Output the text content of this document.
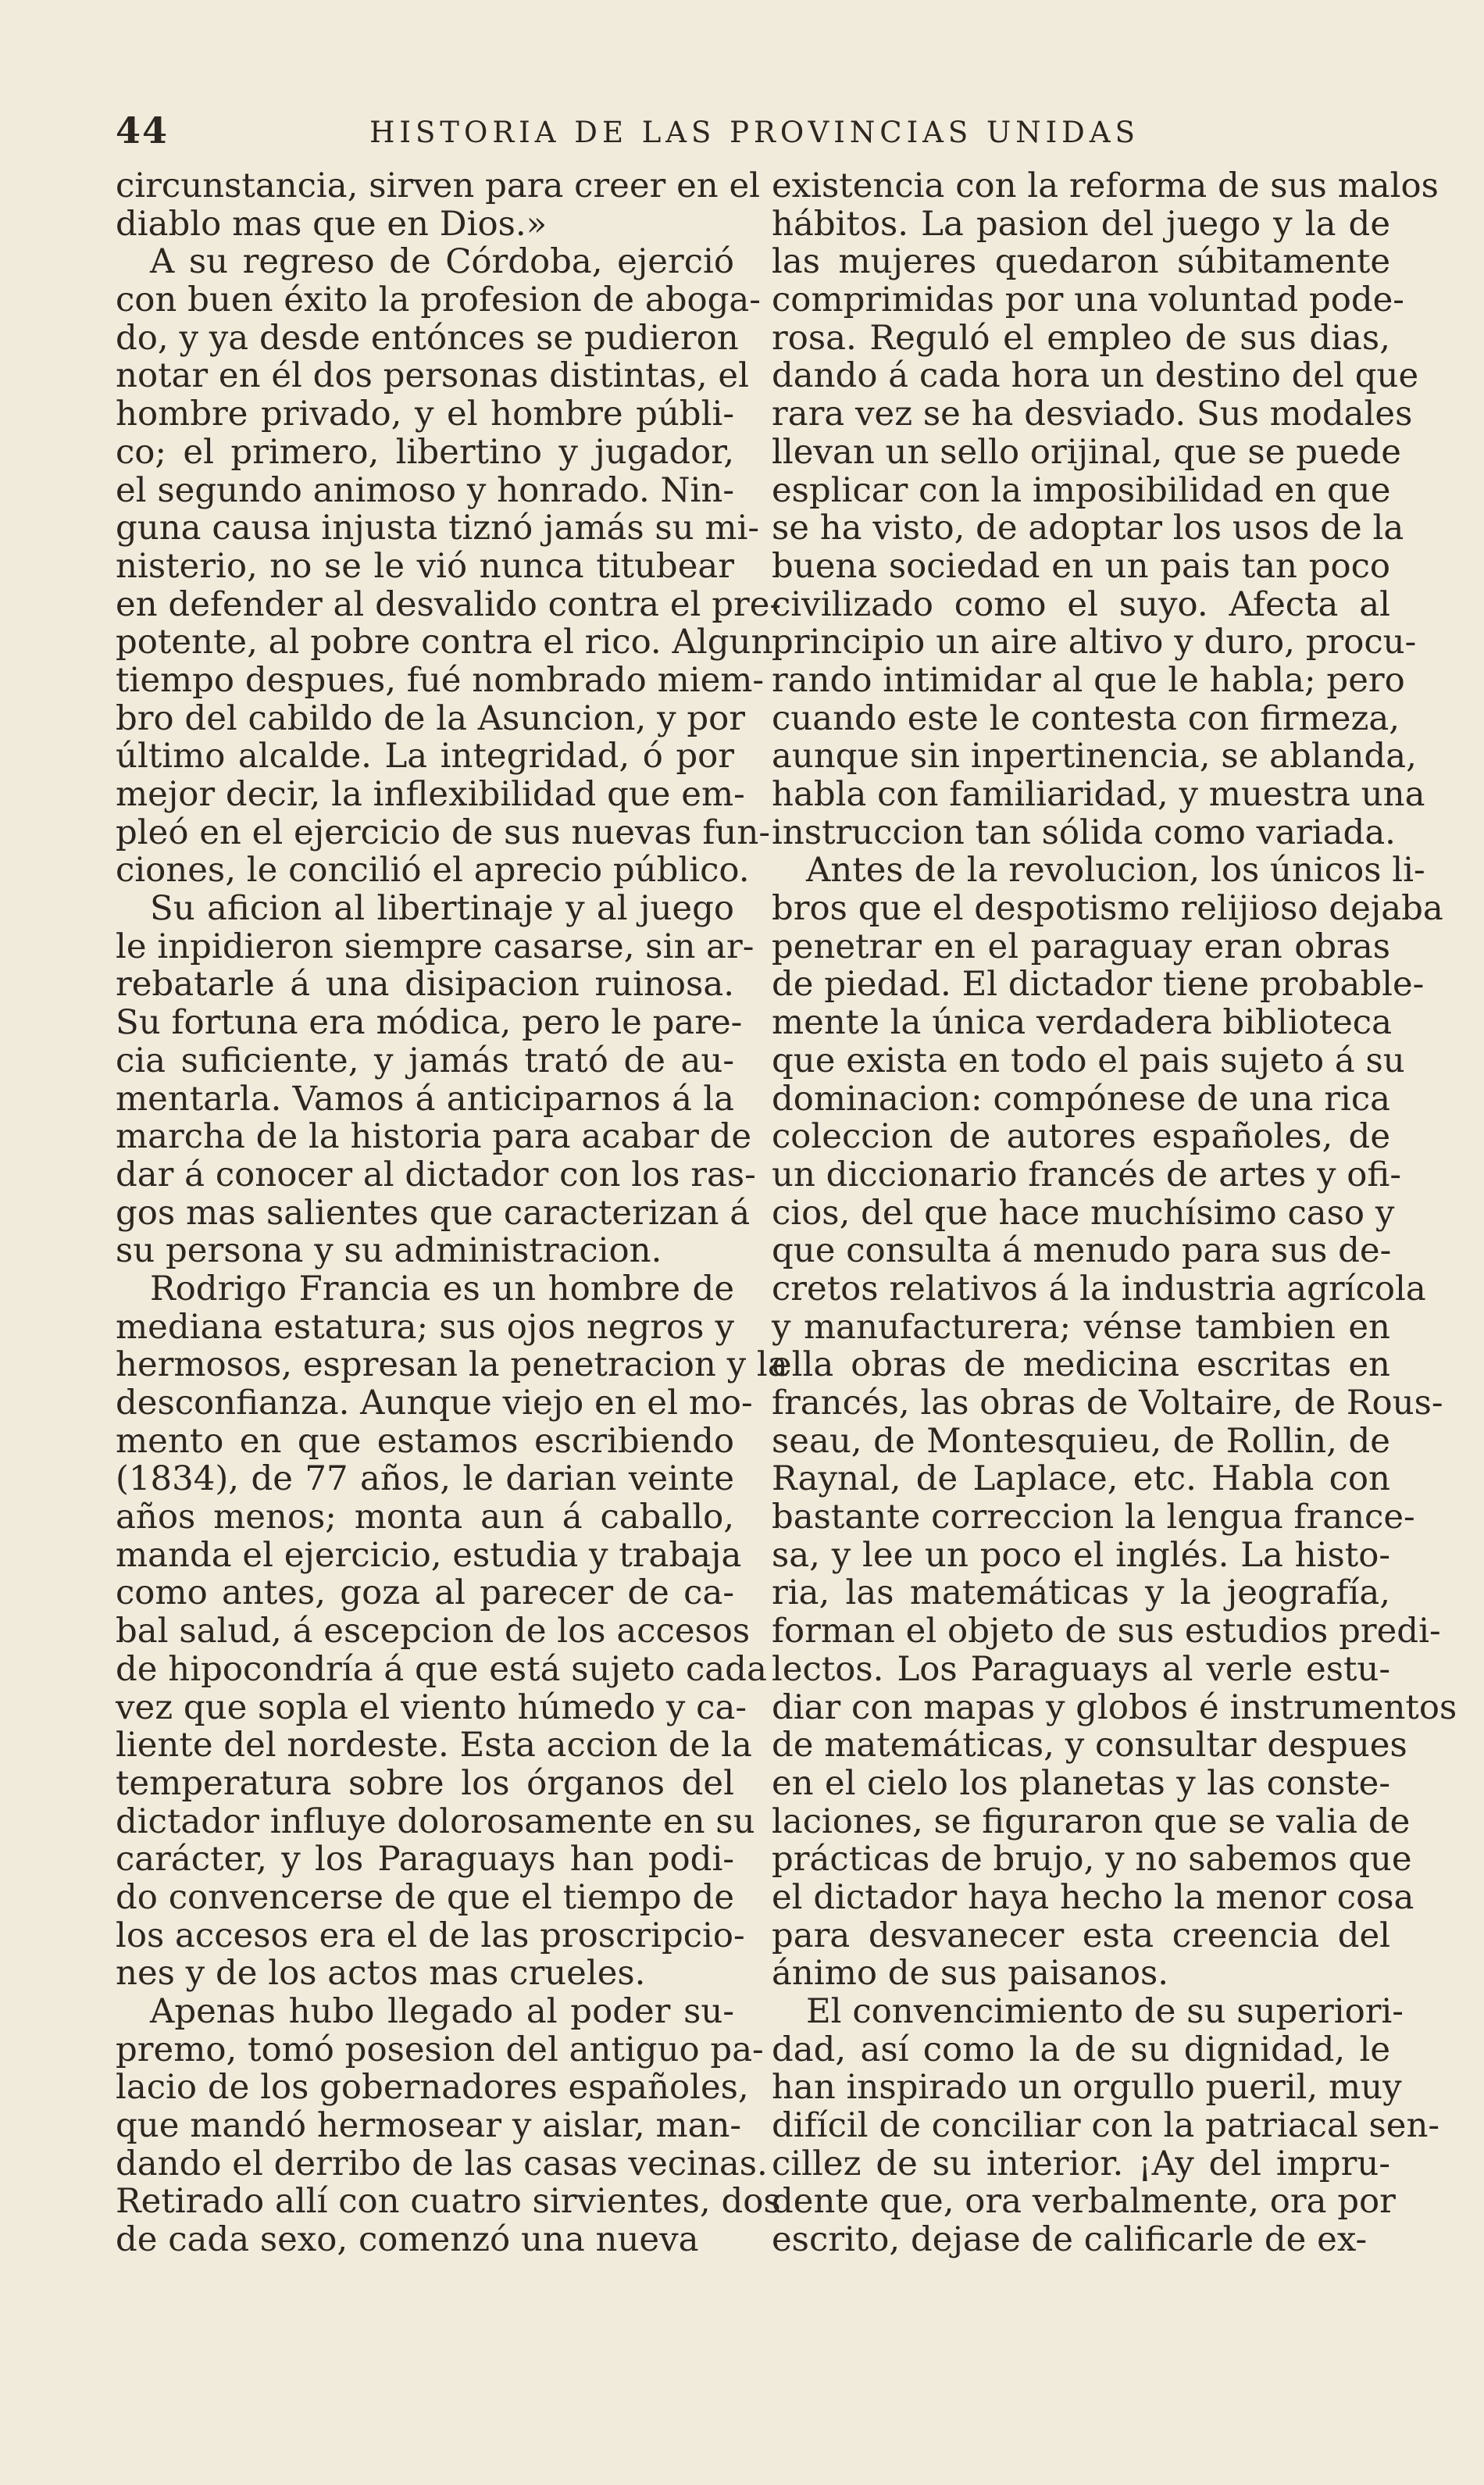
44	HISTORIA DE LAS PROVINCIAS UNIDAS
circunstancia, sirven para creer en el
diablo mas que en Dios.»
A su regreso de Córdoba, ejerció
con buen éxito la profesion de aboga-
do, y ya desde entónces se pudieron
notar en él dos personas distintas, el
hombre privado, y el hombre públi-
co; el primero, libertino y jugador,
el segundo animoso y honrado. Nin-
guna causa injusta tiznó jamás su mi-
nisterio, no se le vió nunca titubear
en defender al desvalido contra el pre-
potente, al pobre contra el rico. Algun
tiempo despues, fué nombrado miem-
bro del cabildo de la Asuncion, y por
último alcalde. La integridad, ó por
mejor decir, la inflexibilidad que em-
pleó en el ejercicio de sus nuevas fun-
ciones, le concilió el aprecio público.
Su aficion al libertinaje y al juego
le inpidieron siempre casarse, sin ar-
rebatarle á una disipacion ruinosa.
Su fortuna era módica, pero le pare-
cia suficiente, y jamás trató de au-
mentarla. Vamos á anticiparnos á la
marcha de la historia para acabar de
dar á conocer al dictador con los ras-
gos mas salientes que caracterizan á
su persona y su administracion.
Rodrigo Francia es un hombre de
mediana estatura; sus ojos negros y
hermosos, espresan la penetracion y la
desconfianza. Aunque viejo en el mo-
mento en que estamos escribiendo
(1834), de 77 años, le darian veinte
años menos; monta aun á caballo,
manda el ejercicio, estudia y trabaja
como antes, goza al parecer de ca-
bal salud, á escepcion de los accesos
de hipocondría á que está sujeto cada
vez que sopla el viento húmedo y ca-
liente del nordeste. Esta accion de la
temperatura sobre los órganos del
dictador influye dolorosamente en su
carácter, y los Paraguays han podi-
do convencerse de que el tiempo de
los accesos era el de las proscripcio-
nes y de los actos mas crueles.
Apenas hubo llegado al poder su-
premo, tomó posesion del antiguo pa-
lacio de los gobernadores españoles,
que mandó hermosear y aislar, man-
dando el derribo de las casas vecinas.
Retirado allí con cuatro sirvientes, dos
de cada sexo, comenzó una nueva
existencia con la reforma de sus malos
hábitos. La pasion del juego y la de
las mujeres quedaron súbitamente
comprimidas por una voluntad pode-
rosa. Reguló el empleo de sus dias,
dando á cada hora un destino del que
rara vez se ha desviado. Sus modales
llevan un sello orijinal, que se puede
esplicar con la imposibilidad en que
se ha visto, de adoptar los usos de la
buena sociedad en un pais tan poco
civilizado como el suyo. Afecta al
principio un aire altivo y duro, procu-
rando intimidar al que le habla; pero
cuando este le contesta con firmeza,
aunque sin inpertinencia, se ablanda,
habla con familiaridad, y muestra una
instruccion tan sólida como variada.
Antes de la revolucion, los únicos li-
bros que el despotismo relijioso dejaba
penetrar en el paraguay eran obras
de piedad. El dictador tiene probable-
mente la única verdadera biblioteca
que exista en todo el pais sujeto á su
dominacion: compónese de una rica
coleccion de autores españoles, de
un diccionario francés de artes y ofi-
cios, del que hace muchísimo caso y
que consulta á menudo para sus de-
cretos relativos á la industria agrícola
y manufacturera; vénse tambien en
ella obras de medicina escritas en
francés, las obras de Voltaire, de Rous-
seau, de Montesquieu, de Rollin, de
Raynal, de Laplace, etc. Habla con
bastante correccion la lengua france-
sa, y lee un poco el inglés. La histo-
ria, las matemáticas y la jeografía,
forman el objeto de sus estudios predi-
lectos. Los Paraguays al verle estu-
diar con mapas y globos é instrumentos
de matemáticas, y consultar despues
en el cielo los planetas y las conste-
laciones, se figuraron que se valia de
prácticas de brujo, y no sabemos que
el dictador haya hecho la menor cosa
para desvanecer esta creencia del
ánimo de sus paisanos.
El convencimiento de su superiori-
dad, así como la de su dignidad, le
han inspirado un orgullo pueril, muy
difícil de conciliar con la patriacal sen-
cillez de su interior. ¡Ay del impru-
dente que, ora verbalmente, ora por
escrito, dejase de calificarle de ex-
